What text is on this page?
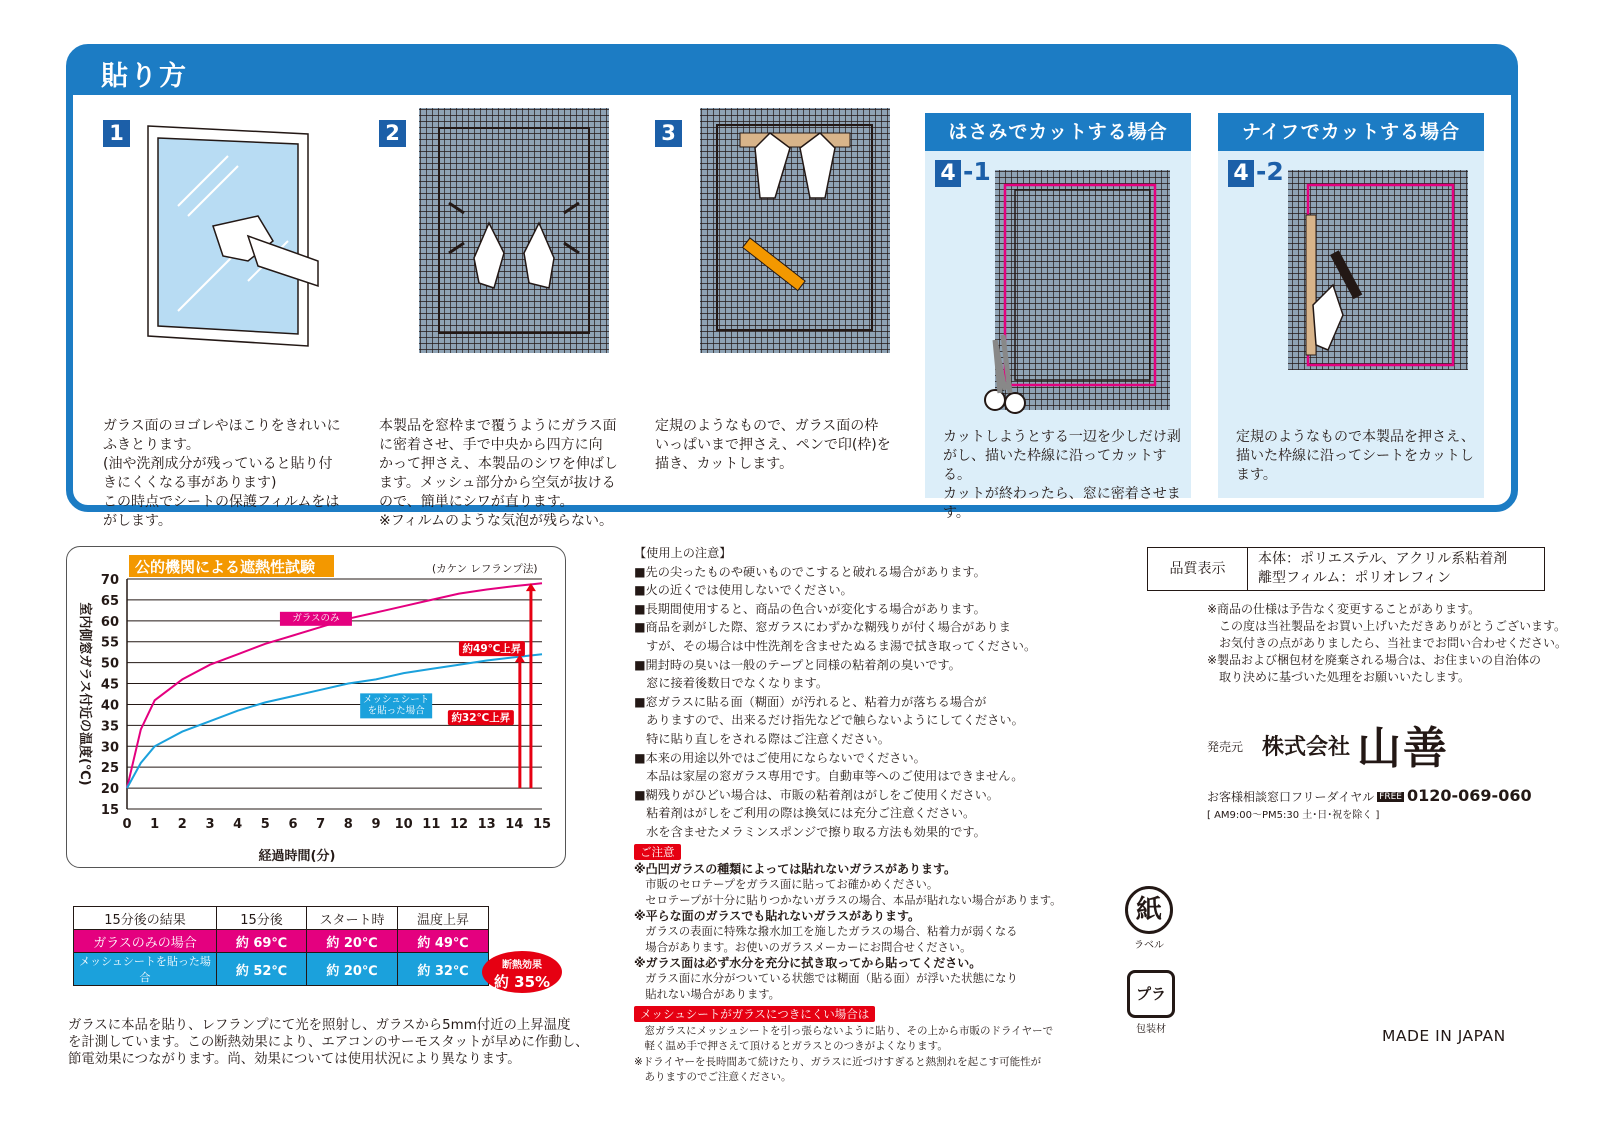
貼り方
1
ガラス面のヨゴレやほこりをきれいに
ふきとります。
(油や洗剤成分が残っていると貼り付
きにくくなる事があります)
この時点でシートの保護フィルムをは
がします。
2
本製品を窓枠まで覆うようにガラス面
に密着させ、手で中央から四方に向
かって押さえ、本製品のシワを伸ばし
ます。メッシュ部分から空気が抜ける
ので、簡単にシワが直ります。
※フィルムのような気泡が残らない。
3
定規のようなもので、ガラス面の枠
いっぱいまで押さえ、ペンで印(枠)を
描き、カットします。
はさみでカットする場合
4 -1
カットしようとする一辺を少しだけ剥
がし、描いた枠線に沿ってカットする。
カットが終わったら、窓に密着させます。
ナイフでカットする場合
4 -2
定規のようなもので本製品を押さえ、
描いた枠線に沿ってシートをカットし
ます。
公的機関による遮熱性試験	(カケン レフランプ法)
15
20
25
30
35
40
45
50
55
60
65
70
0 1 2 3 4 5 6 7 8 9 10 11 12 13 14 15
ガラスのみ
メッシュシート
を貼った場合
約49℃上昇
約32℃上昇
経過時間(分)
室内側窓ガラス付近の温度(℃)
15分後の結果	15分後	スタート時	温度上昇
ガラスのみの場合	約 69℃	約 20℃	約 49℃
メッシュシートを貼った場合	約 52℃	約 20℃	約 32℃	断熱効果
約 35%
ガラスに本品を貼り、レフランプにて光を照射し、ガラスから5mm付近の上昇温度
を計測しています。この断熱効果により、エアコンのサーモスタットが早めに作動し、
節電効果につながります。尚、効果については使用状況により異なります。
【使用上の注意】
■先の尖ったものや硬いものでこすると破れる場合があります。
■火の近くでは使用しないでください。
■長期間使用すると、商品の色合いが変化する場合があります。
■商品を剥がした際、窓ガラスにわずかな糊残りが付く場合がありま
　すが、その場合は中性洗剤を含ませたぬるま湯で拭き取ってください。
■開封時の臭いは一般のテープと同様の粘着剤の臭いです。
　窓に接着後数日でなくなります。
■窓ガラスに貼る面（糊面）が汚れると、粘着力が落ちる場合が
　ありますので、出来るだけ指先などで触らないようにしてください。
　特に貼り直しをされる際はご注意ください。
■本来の用途以外ではご使用にならないでください。
　本品は家屋の窓ガラス専用です。自動車等へのご使用はできません。
■糊残りがひどい場合は、市販の粘着剤はがしをご使用ください。
　粘着剤はがしをご利用の際は換気には充分ご注意ください。
　水を含ませたメラミンスポンジで擦り取る方法も効果的です。
ご注意
※凸凹ガラスの種類によっては貼れないガラスがあります。
　市販のセロテープをガラス面に貼ってお確かめください。
　セロテープが十分に貼りつかないガラスの場合、本品が貼れない場合があります。
※平らな面のガラスでも貼れないガラスがあります。
　ガラスの表面に特殊な撥水加工を施したガラスの場合、粘着力が弱くなる
　場合があります。お使いのガラスメーカーにお問合せください。
※ガラス面は必ず水分を充分に拭き取ってから貼ってください。
　ガラス面に水分がついている状態では糊面（貼る面）が浮いた状態になり
　貼れない場合があります。
メッシュシートがガラスにつきにくい場合は
　窓ガラスにメッシュシートを引っ張らないように貼り、その上から市販のドライヤーで
　軽く温め手で押さえて頂けるとガラスとのつきがよくなります。
※ドライヤーを長時間あて続けたり、ガラスに近づけすぎると熱割れを起こす可能性が
　ありますのでご注意ください。
品質表示
本体：ポリエステル、アクリル系粘着剤
離型フィルム：ポリオレフィン
※商品の仕様は予告なく変更することがあります。
　この度は当社製品をお買い上げいただきありがとうございます。
　お気付きの点がありましたら、当社までお問い合わせください。
※製品および梱包材を廃棄される場合は、お住まいの自治体の
　取り決めに基づいた処理をお願いいたします。
発売元 株式会社 山善
お客様相談窓口フリーダイヤル FREE 0120-069-060
[ AM9:00～PM5:30 土･日･祝を除く ]
紙
ラベル
プラ
包装材	MADE IN JAPAN
